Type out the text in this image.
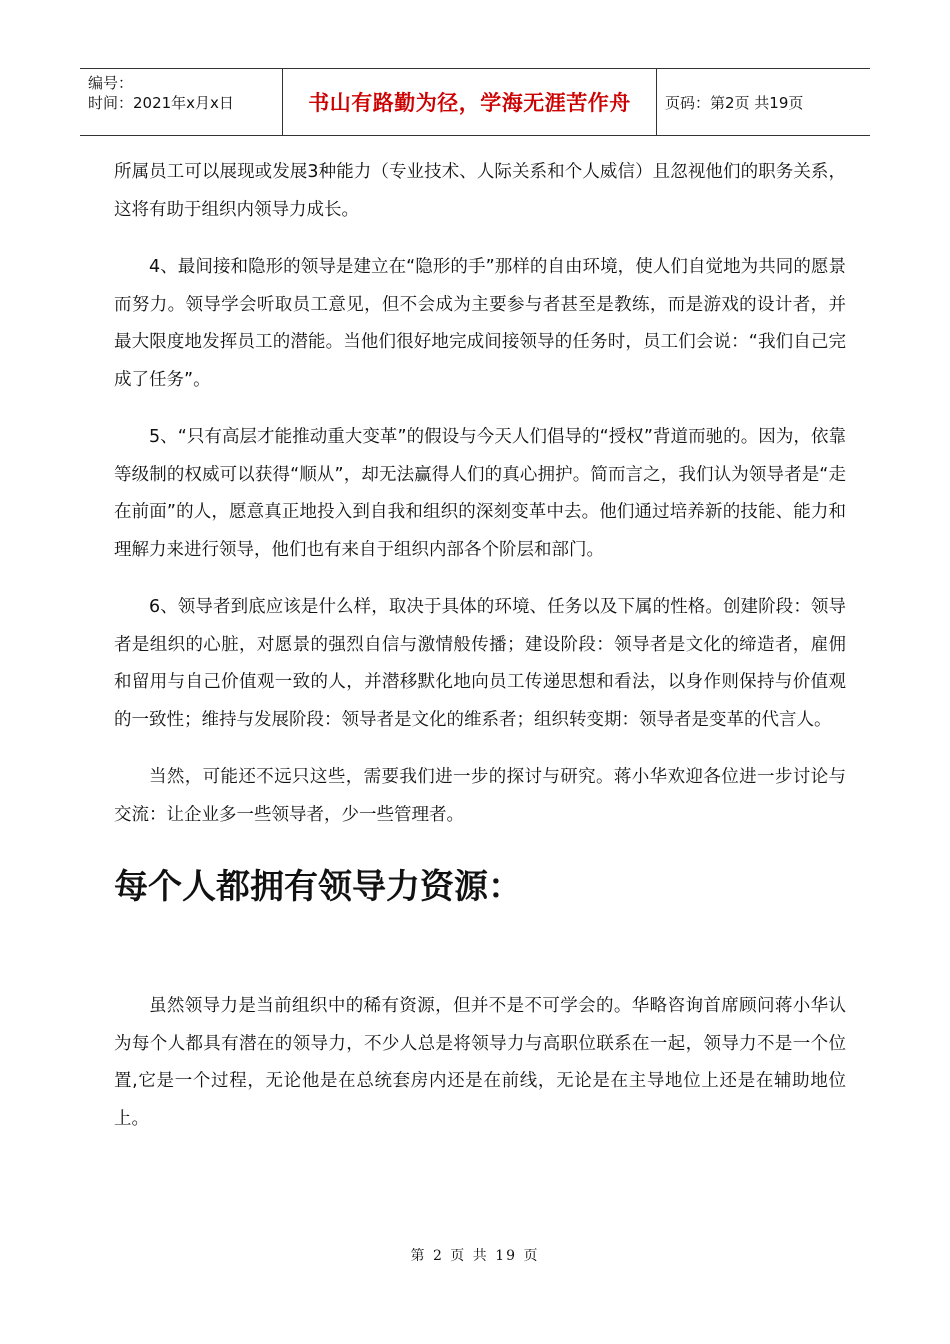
编号：
时间：2021年x月x日	书山有路勤为径，学海无涯苦作舟	页码：第2页 共19页

所属员工可以展现或发展3种能力（专业技术、人际关系和个人威信）且忽视他们的职务关系，这将有助于组织内领导力成长。

4、最间接和隐形的领导是建立在“隐形的手”那样的自由环境，使人们自觉地为共同的愿景而努力。领导学会听取员工意见，但不会成为主要参与者甚至是教练，而是游戏的设计者，并最大限度地发挥员工的潜能。当他们很好地完成间接领导的任务时，员工们会说：“我们自己完成了任务”。

5、“只有高层才能推动重大变革”的假设与今天人们倡导的“授权”背道而驰的。因为，依靠等级制的权威可以获得“顺从”，却无法赢得人们的真心拥护。简而言之，我们认为领导者是“走在前面”的人，愿意真正地投入到自我和组织的深刻变革中去。他们通过培养新的技能、能力和理解力来进行领导，他们也有来自于组织内部各个阶层和部门。

6、领导者到底应该是什么样，取决于具体的环境、任务以及下属的性格。创建阶段：领导者是组织的心脏，对愿景的强烈自信与激情般传播；建设阶段：领导者是文化的缔造者，雇佣和留用与自己价值观一致的人，并潜移默化地向员工传递思想和看法，以身作则保持与价值观的一致性；维持与发展阶段：领导者是文化的维系者；组织转变期：领导者是变革的代言人。

当然，可能还不远只这些，需要我们进一步的探讨与研究。蒋小华欢迎各位进一步讨论与交流：让企业多一些领导者，少一些管理者。

每个人都拥有领导力资源：

虽然领导力是当前组织中的稀有资源，但并不是不可学会的。华略咨询首席顾问蒋小华认为每个人都具有潜在的领导力，不少人总是将领导力与高职位联系在一起，领导力不是一个位置,它是一个过程，无论他是在总统套房内还是在前线，无论是在主导地位上还是在辅助地位上。

第 2 页 共 19 页
